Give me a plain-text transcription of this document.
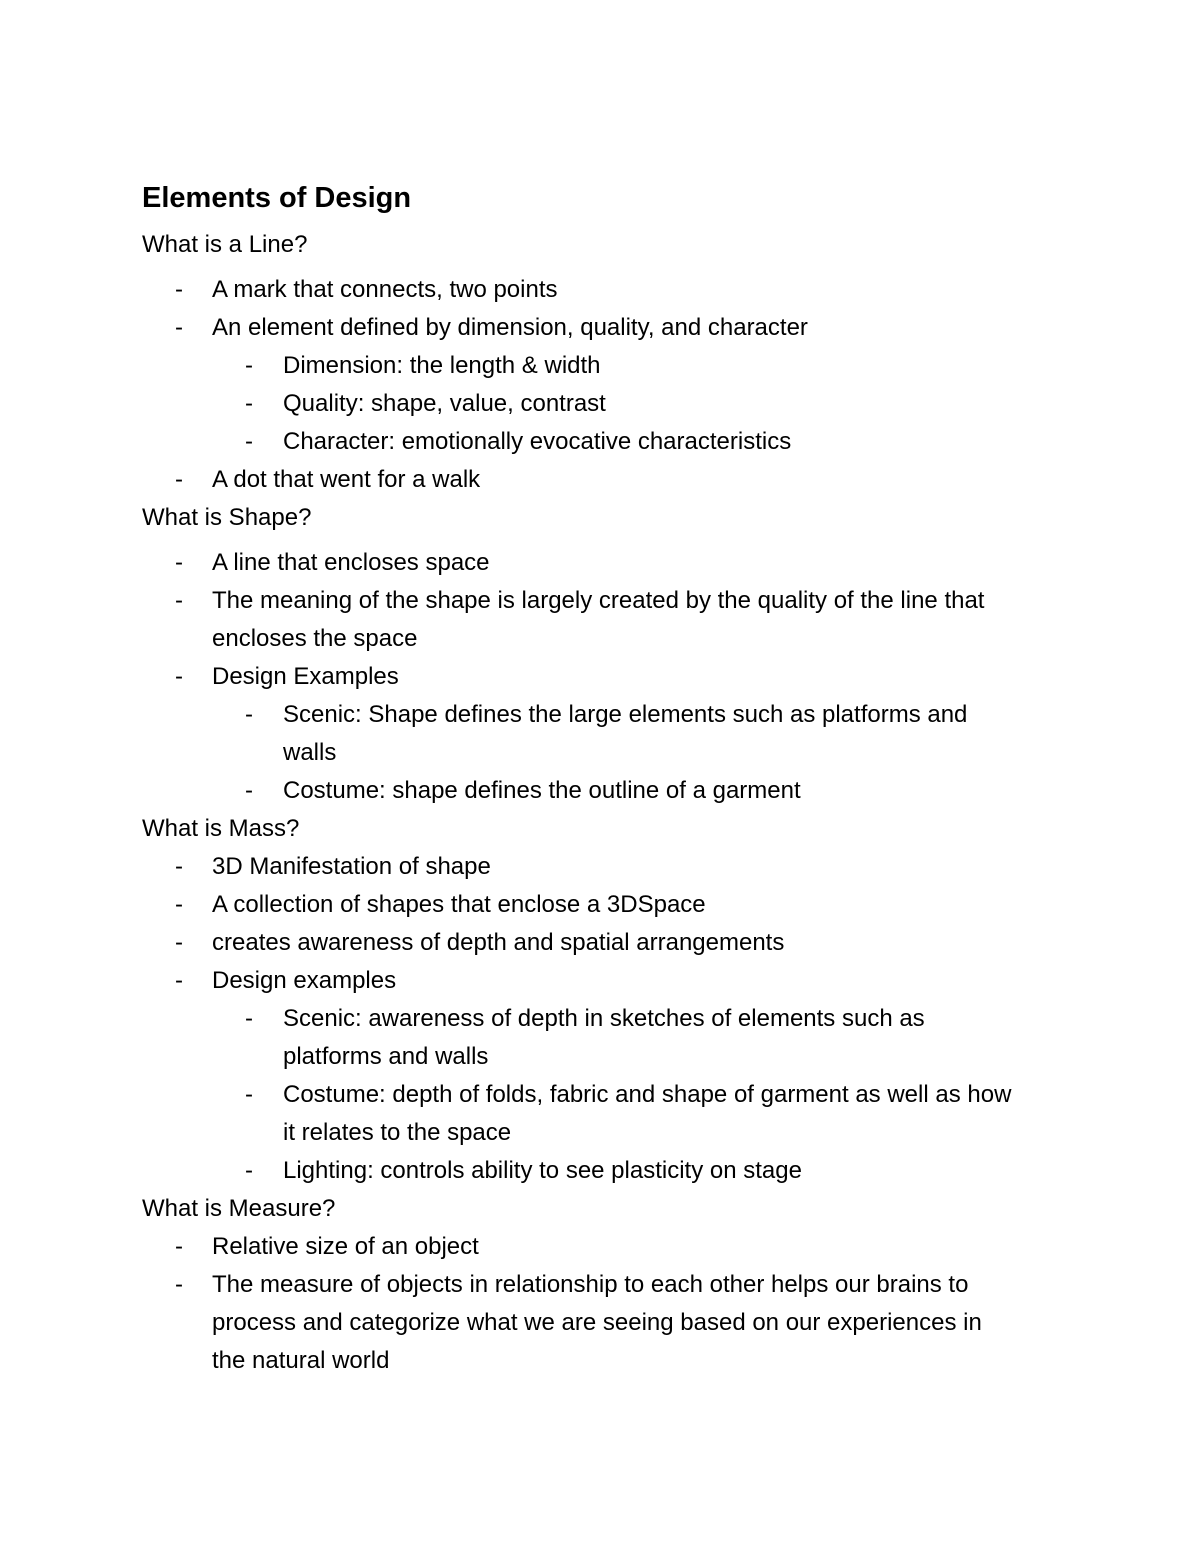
Elements of Design
What is a Line?
- A mark that connects, two points
- An element defined by dimension, quality, and character
- Dimension: the length & width
- Quality: shape, value, contrast
- Character: emotionally evocative characteristics
- A dot that went for a walk
What is Shape?
- A line that encloses space
- The meaning of the shape is largely created by the quality of the line that encloses the space
- Design Examples
- Scenic: Shape defines the large elements such as platforms and walls
- Costume: shape defines the outline of a garment
What is Mass?
- 3D Manifestation of shape
- A collection of shapes that enclose a 3DSpace
- creates awareness of depth and spatial arrangements
- Design examples
- Scenic: awareness of depth in sketches of elements such as platforms and walls
- Costume: depth of folds, fabric and shape of garment as well as how it relates to the space
- Lighting: controls ability to see plasticity on stage
What is Measure?
- Relative size of an object
- The measure of objects in relationship to each other helps our brains to process and categorize what we are seeing based on our experiences in the natural world
